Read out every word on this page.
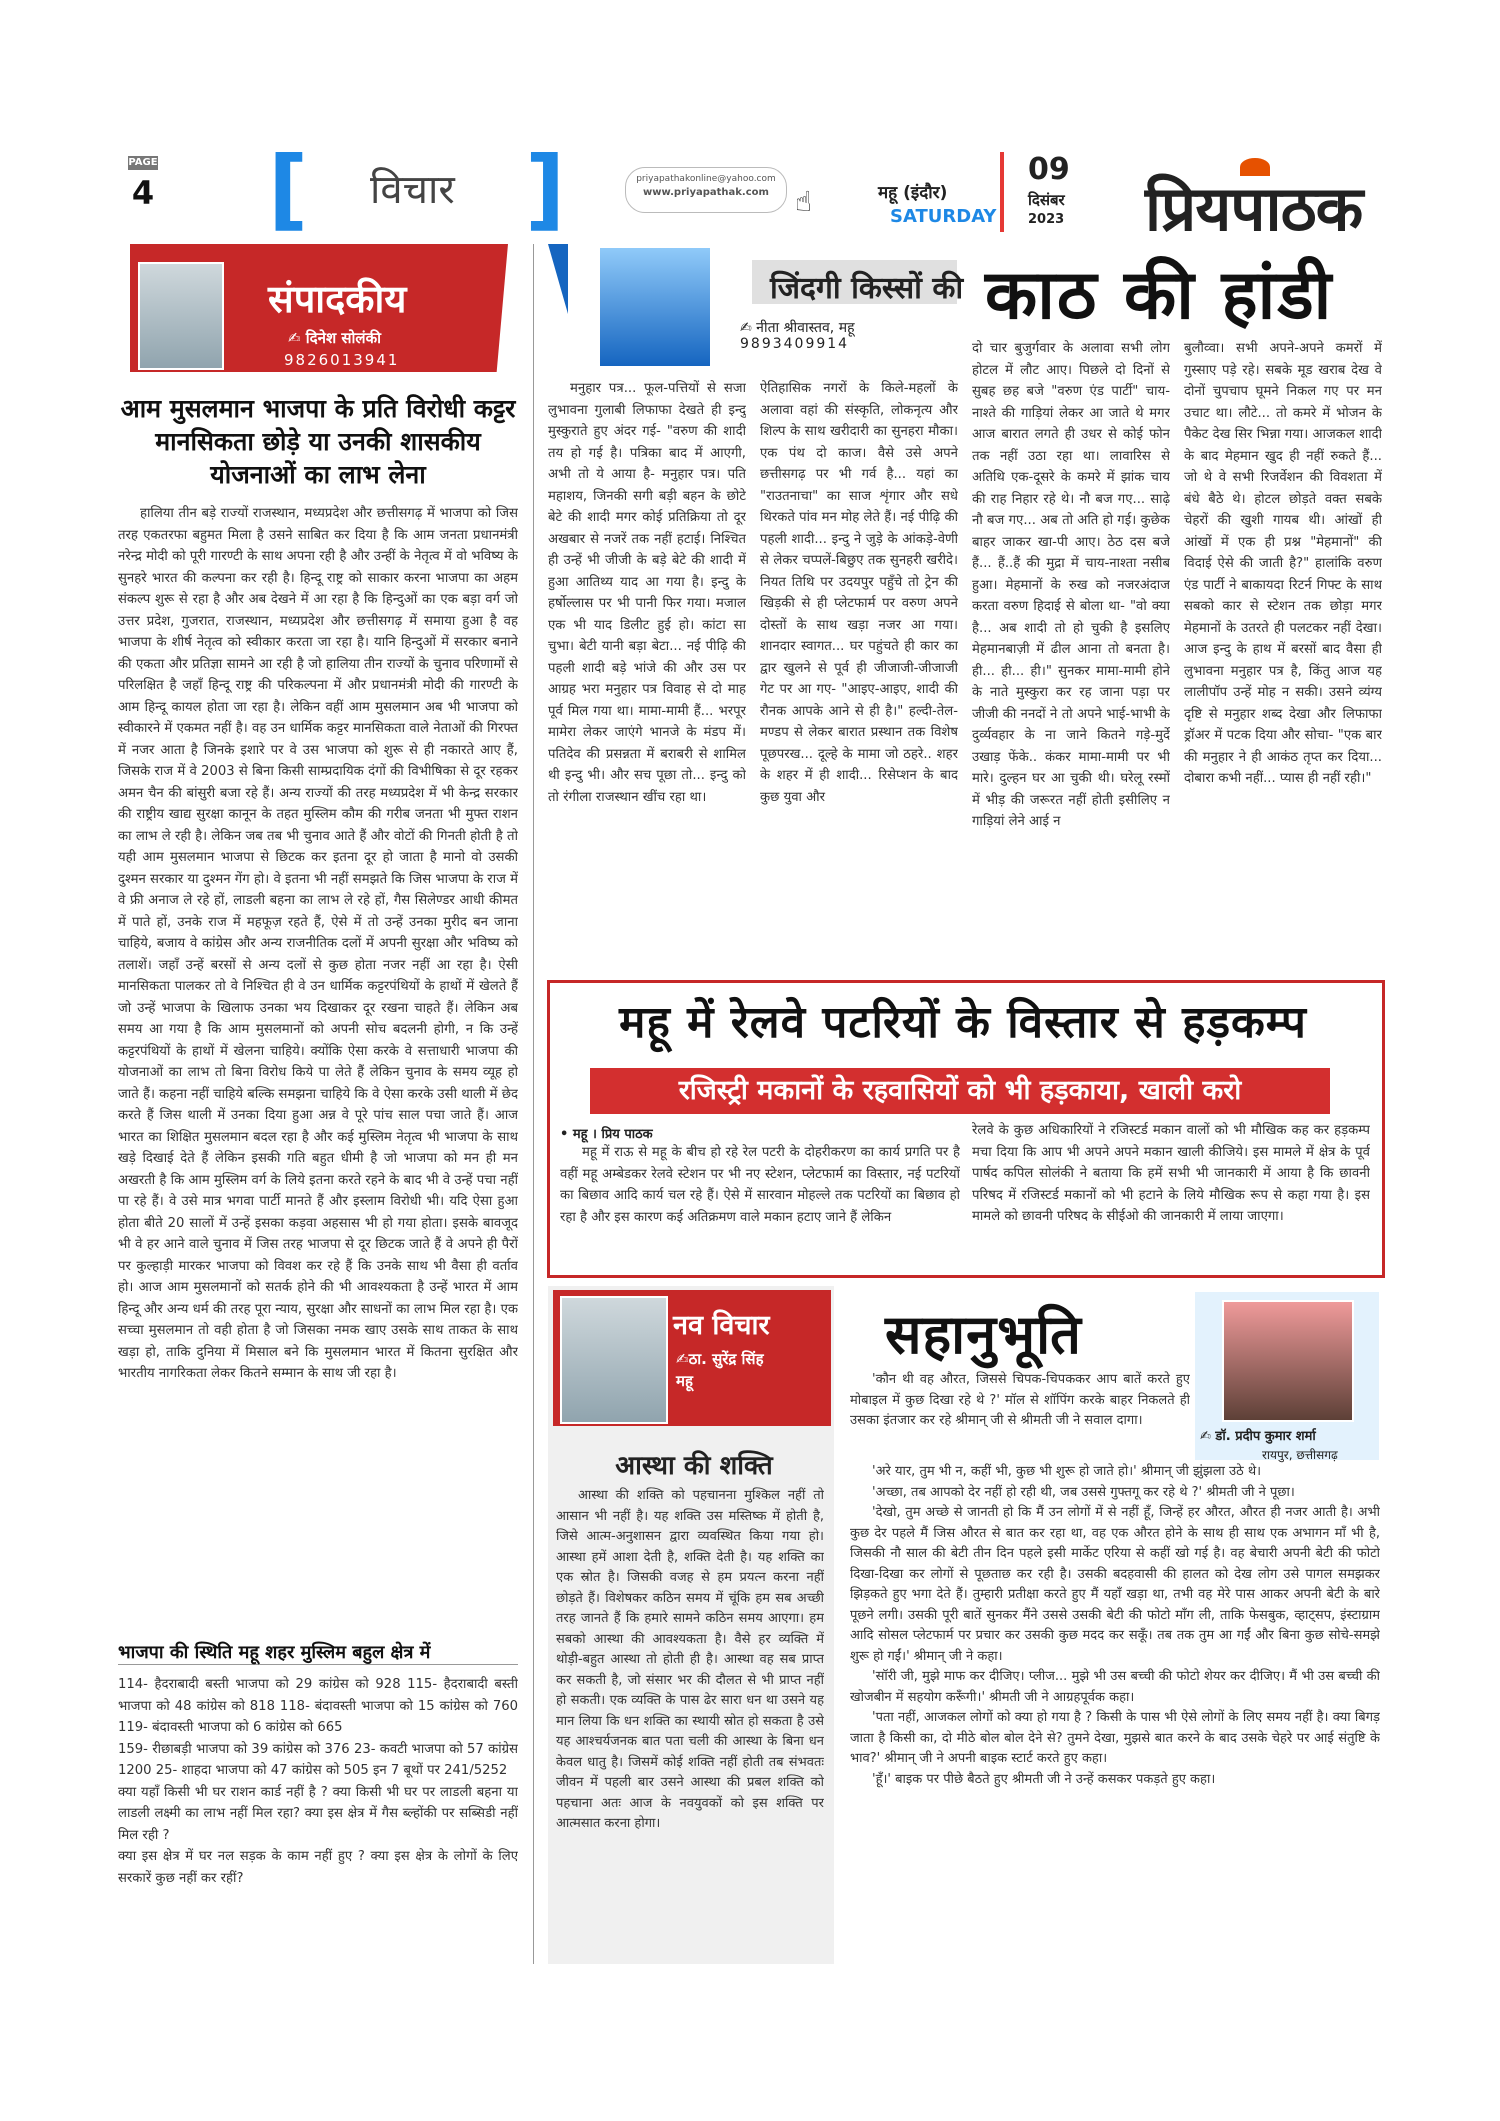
PAGE
4 [ विचार ]	priyapathakonline@yahoo.com
www.priyapathak.com ☝	महू (इंदौर)
SATURDAY
09
दिसंबर
2023 प्रियपाठक
संपादकीय
✍ दिनेश सोलंकी
9826013941
आम मुसलमान भाजपा के प्रति विरोधी कट्टर मानसिकता छोड़े या उनकी शासकीय योजनाओं का लाभ लेना

हालिया तीन बड़े राज्यों राजस्थान, मध्यप्रदेश और छत्तीसगढ़ में भाजपा को जिस तरह एकतरफा बहुमत मिला है उसने साबित कर दिया है कि आम जनता प्रधानमंत्री नरेन्द्र मोदी को पूरी गारण्टी के साथ अपना रही है और उन्हीं के नेतृत्व में वो भविष्य के सुनहरे भारत की कल्पना कर रही है। हिन्दू राष्ट्र को साकार करना भाजपा का अहम संकल्प शुरू से रहा है और अब देखने में आ रहा है कि हिन्दुओं का एक बड़ा वर्ग जो उत्तर प्रदेश, गुजरात, राजस्थान, मध्यप्रदेश और छत्तीसगढ़ में समाया हुआ है वह भाजपा के शीर्ष नेतृत्व को स्वीकार करता जा रहा है। यानि हिन्दुओं में सरकार बनाने की एकता और प्रतिज्ञा सामने आ रही है जो हालिया तीन राज्यों के चुनाव परिणामों से परिलक्षित है जहाँ हिन्दू राष्ट्र की परिकल्पना में और प्रधानमंत्री मोदी की गारण्टी के आम हिन्दू कायल होता जा रहा है। लेकिन वहीं आम मुसलमान अब भी भाजपा को स्वीकारने में एकमत नहीं है। वह उन धार्मिक कट्टर मानसिकता वाले नेताओं की गिरफ्त में नजर आता है जिनके इशारे पर वे उस भाजपा को शुरू से ही नकारते आए हैं, जिसके राज में वे 2003 से बिना किसी साम्प्रदायिक दंगों की विभीषिका से दूर रहकर अमन चैन की बांसुरी बजा रहे हैं। अन्य राज्यों की तरह मध्यप्रदेश में भी केन्द्र सरकार की राष्ट्रीय खाद्य सुरक्षा कानून के तहत मुस्लिम कौम की गरीब जनता भी मुफ्त राशन का लाभ ले रही है। लेकिन जब तब भी चुनाव आते हैं और वोटों की गिनती होती है तो यही आम मुसलमान भाजपा से छिटक कर इतना दूर हो जाता है मानो वो उसकी दुश्मन सरकार या दुश्मन गेंग हो। वे इतना भी नहीं समझते कि जिस भाजपा के राज में वे फ्री अनाज ले रहे हों, लाडली बहना का लाभ ले रहे हों, गैस सिलेण्डर आधी कीमत में पाते हों, उनके राज में महफूज़ रहते हैं, ऐसे में तो उन्हें उनका मुरीद बन जाना चाहिये, बजाय वे कांग्रेस और अन्य राजनीतिक दलों में अपनी सुरक्षा और भविष्य को तलाशें। जहाँ उन्हें बरसों से अन्य दलों से कुछ होता नजर नहीं आ रहा है। ऐसी मानसिकता पालकर तो वे निश्चित ही वे उन धार्मिक कट्टरपंथियों के हाथों में खेलते हैं जो उन्हें भाजपा के खिलाफ उनका भय दिखाकर दूर रखना चाहते हैं। लेकिन अब समय आ गया है कि आम मुसलमानों को अपनी सोच बदलनी होगी, न कि उन्हें कट्टरपंथियों के हाथों में खेलना चाहिये। क्योंकि ऐसा करके वे सत्ताधारी भाजपा की योजनाओं का लाभ तो बिना विरोध किये पा लेते हैं लेकिन चुनाव के समय व्यूह हो जाते हैं। कहना नहीं चाहिये बल्कि समझना चाहिये कि वे ऐसा करके उसी थाली में छेद करते हैं जिस थाली में उनका दिया हुआ अन्न वे पूरे पांच साल पचा जाते हैं। आज भारत का शिक्षित मुसलमान बदल रहा है और कई मुस्लिम नेतृत्व भी भाजपा के साथ खड़े दिखाई देते हैं लेकिन इसकी गति बहुत धीमी है जो भाजपा को मन ही मन अखरती है कि आम मुस्लिम वर्ग के लिये इतना करते रहने के बाद भी वे उन्हें पचा नहीं पा रहे हैं। वे उसे मात्र भगवा पार्टी मानते हैं और इस्लाम विरोधी भी। यदि ऐसा हुआ होता बीते 20 सालों में उन्हें इसका कड़वा अहसास भी हो गया होता। इसके बावजूद भी वे हर आने वाले चुनाव में जिस तरह भाजपा से दूर छिटक जाते हैं वे अपने ही पैरों पर कुल्हाड़ी मारकर भाजपा को विवश कर रहे हैं कि उनके साथ भी वैसा ही वर्ताव हो। आज आम मुसलमानों को सतर्क होने की भी आवश्यकता है उन्हें भारत में आम हिन्दू और अन्य धर्म की तरह पूरा न्याय, सुरक्षा और साधनों का लाभ मिल रहा है। एक सच्चा मुसलमान तो वही होता है जो जिसका नमक खाए उसके साथ ताकत के साथ खड़ा हो, ताकि दुनिया में मिसाल बने कि मुसलमान भारत में कितना सुरक्षित और भारतीय नागरिकता लेकर कितने सम्मान के साथ जी रहा है।

भाजपा की स्थिति महू शहर मुस्लिम बहुल क्षेत्र में

114- हैदराबादी बस्ती भाजपा को 29 कांग्रेस को 928 115- हैदराबादी बस्ती भाजपा को 48 कांग्रेस को 818 118- बंदावस्ती भाजपा को 15 कांग्रेस को 760 119- बंदावस्ती भाजपा को 6 कांग्रेस को 665

159- रीछाबड़ी भाजपा को 39 कांग्रेस को 376 23- कवटी भाजपा को 57 कांग्रेस 1200 25- शाहदा भाजपा को 47 कांग्रेस को 505 इन 7 बूथों पर 241/5252

क्या यहाँ किसी भी घर राशन कार्ड नहीं है ? क्या किसी भी घर पर लाडली बहना या लाडली लक्ष्मी का लाभ नहीं मिल रहा? क्या इस क्षेत्र में गैस ब्ल्होंकी पर सब्सिडी नहीं मिल रही ?

क्या इस क्षेत्र में घर नल सड़क के काम नहीं हुए ? क्या इस क्षेत्र के लोगों के लिए सरकारें कुछ नहीं कर रहीं?

जिंदगी किस्सों की
✍ नीता श्रीवास्तव, महू
9893409914
काठ की हांडी

मनुहार पत्र... फूल-पत्तियों से सजा लुभावना गुलाबी लिफाफा देखते ही इन्दु मुस्कुराते हुए अंदर गई- "वरुण की शादी तय हो गई है। पत्रिका बाद में आएगी, अभी तो ये आया है- मनुहार पत्र। पति महाशय, जिनकी सगी बड़ी बहन के छोटे बेटे की शादी मगर कोई प्रतिक्रिया तो दूर अखबार से नजरें तक नहीं हटाई। निश्चित ही उन्हें भी जीजी के बड़े बेटे की शादी में हुआ आतिथ्य याद आ गया है। इन्दु के हर्षोल्लास पर भी पानी फिर गया। मजाल एक भी याद डिलीट हुई हो। कांटा सा चुभा। बेटी यानी बड़ा बेटा... नई पीढ़ि की पहली शादी बड़े भांजे की और उस पर आग्रह भरा मनुहार पत्र विवाह से दो माह पूर्व मिल गया था। मामा-मामी हैं... भरपूर मामेरा लेकर जाएंगे भानजे के मंडप में। पतिदेव की प्रसन्नता में बराबरी से शामिल थी इन्दु भी। और सच पूछा तो... इन्दु को तो रंगीला राजस्थान खींच रहा था।

ऐतिहासिक नगरों के किले-महलों के अलावा वहां की संस्कृति, लोकनृत्य और शिल्प के साथ खरीदारी का सुनहरा मौका। एक पंथ दो काज। वैसे उसे अपने छत्तीसगढ़ पर भी गर्व है... यहां का "राउतनाचा" का साज शृंगार और सधे थिरकते पांव मन मोह लेते हैं। नई पीढ़ि की पहली शादी... इन्दु ने जुड़े के आंकड़े-वेणी से लेकर चप्पलें-बिछुए तक सुनहरी खरीदे। नियत तिथि पर उदयपुर पहुँचे तो ट्रेन की खिड़की से ही प्लेटफार्म पर वरुण अपने दोस्तों के साथ खड़ा नजर आ गया। शानदार स्वागत... घर पहुंचते ही कार का द्वार खुलने से पूर्व ही जीजाजी-जीजाजी गेट पर आ गए- "आइए-आइए, शादी की रौनक आपके आने से ही है।" हल्दी-तेल-मण्डप से लेकर बारात प्रस्थान तक विशेष पूछपरख... दूल्हे के मामा जो ठहरे.. शहर के शहर में ही शादी... रिसेप्शन के बाद कुछ युवा और

दो चार बुजुर्गवार के अलावा सभी लोग होटल में लौट आए। पिछले दो दिनों से सुबह छह बजे "वरुण एंड पार्टी" चाय-नाश्ते की गाड़ियां लेकर आ जाते थे मगर आज बारात लगते ही उधर से कोई फोन तक नहीं उठा रहा था। लावारिस से अतिथि एक-दूसरे के कमरे में झांक चाय की राह निहार रहे थे। नौ बज गए... साढ़े नौ बज गए... अब तो अति हो गई। कुछेक बाहर जाकर खा-पी आए। ठेठ दस बजे हैं... हैं..हैं की मुद्रा में चाय-नाश्ता नसीब हुआ। मेहमानों के रुख को नजरअंदाज करता वरुण हिदाई से बोला था- "वो क्या है... अब शादी तो हो चुकी है इसलिए मेहमानबाज़ी में ढील आना तो बनता है। ही... ही... ही।" सुनकर मामा-मामी होने के नाते मुस्कुरा कर रह जाना पड़ा पर जीजी की ननदों ने तो अपने भाई-भाभी के दुर्व्यवहार के ना जाने कितने गड़े-मुर्दे उखाड़ फेंके.. कंकर मामा-मामी पर भी मारे। दुल्हन घर आ चुकी थी। घरेलू रस्मों में भीड़ की जरूरत नहीं होती इसीलिए न गाड़ियां लेने आई न

बुलौव्वा। सभी अपने-अपने कमरों में गुस्साए पड़े रहे। सबके मूड खराब देख वे दोनों चुपचाप घूमने निकल गए पर मन उचाट था। लौटे... तो कमरे में भोजन के पैकेट देख सिर भिन्ना गया। आजकल शादी के बाद मेहमान खुद ही नहीं रुकते हैं... जो थे वे सभी रिजर्वेशन की विवशता में बंधे बैठे थे। होटल छोड़ते वक्त सबके चेहरों की खुशी गायब थी। आंखों ही आंखों में एक ही प्रश्न "मेहमानों" की विदाई ऐसे की जाती है?" हालांकि वरुण एंड पार्टी ने बाकायदा रिटर्न गिफ्ट के साथ सबको कार से स्टेशन तक छोड़ा मगर मेहमानों के उतरते ही पलटकर नहीं देखा। आज इन्दु के हाथ में बरसों बाद वैसा ही लुभावना मनुहार पत्र है, किंतु आज यह लालीपॉप उन्हें मोह न सकी। उसने व्यंग्य दृष्टि से मनुहार शब्द देखा और लिफाफा ड्रॉअर में पटक दिया और सोचा- "एक बार की मनुहार ने ही आकंठ तृप्त कर दिया... दोबारा कभी नहीं... प्यास ही नहीं रही।"

महू में रेलवे पटरियों के विस्तार से हड़कम्प
रजिस्ट्री मकानों के रहवासियों को भी हड़काया, खाली करो
• महू । प्रिय पाठक

महू में राऊ से महू के बीच हो रहे रेल पटरी के दोहरीकरण का कार्य प्रगति पर है वहीं महू अम्बेडकर रेलवे स्टेशन पर भी नए स्टेशन, प्लेटफार्म का विस्तार, नई पटरियों का बिछाव आदि कार्य चल रहे हैं। ऐसे में सारवान मोहल्ले तक पटरियों का बिछाव हो रहा है और इस कारण कई अतिक्रमण वाले मकान हटाए जाने हैं लेकिन

रेलवे के कुछ अधिकारियों ने रजिस्टर्ड मकान वालों को भी मौखिक कह कर हड़कम्प मचा दिया कि आप भी अपने अपने मकान खाली कीजिये। इस मामले में क्षेत्र के पूर्व पार्षद कपिल सोलंकी ने बताया कि हमें सभी भी जानकारी में आया है कि छावनी परिषद में रजिस्टर्ड मकानों को भी हटाने के लिये मौखिक रूप से कहा गया है। इस मामले को छावनी परिषद के सीईओ की जानकारी में लाया जाएगा।

नव विचार
✍ठा. सुरेंद्र सिंह
महू
आस्था की शक्ति

आस्था की शक्ति को पहचानना मुश्किल नहीं तो आसान भी नहीं है। यह शक्ति उस मस्तिष्क में होती है, जिसे आत्म-अनुशासन द्वारा व्यवस्थित किया गया हो। आस्था हमें आशा देती है, शक्ति देती है। यह शक्ति का एक स्रोत है। जिसकी वजह से हम प्रयत्न करना नहीं छोड़ते हैं। विशेषकर कठिन समय में चूंकि हम सब अच्छी तरह जानते हैं कि हमारे सामने कठिन समय आएगा। हम सबको आस्था की आवश्यकता है। वैसे हर व्यक्ति में थोड़ी-बहुत आस्था तो होती ही है। आस्था वह सब प्राप्त कर सकती है, जो संसार भर की दौलत से भी प्राप्त नहीं हो सकती। एक व्यक्ति के पास ढेर सारा धन था उसने यह मान लिया कि धन शक्ति का स्थायी स्रोत हो सकता है उसे यह आश्चर्यजनक बात पता चली की आस्था के बिना धन केवल धातु है। जिसमें कोई शक्ति नहीं होती तब संभवतः जीवन में पहली बार उसने आस्था की प्रबल शक्ति को पहचाना अतः आज के नवयुवकों को इस शक्ति पर आत्मसात करना होगा।

सहानुभूति
✍ डॉ. प्रदीप कुमार शर्मा
रायपुर, छत्तीसगढ़

'कौन थी वह औरत, जिससे चिपक-चिपककर आप बातें करते हुए मोबाइल में कुछ दिखा रहे थे ?' मॉल से शॉपिंग करके बाहर निकलते ही उसका इंतजार कर रहे श्रीमान् जी से श्रीमती जी ने सवाल दागा।

'अरे यार, तुम भी न, कहीं भी, कुछ भी शुरू हो जाते हो।' श्रीमान् जी झुंझला उठे थे।

'अच्छा, तब आपको देर नहीं हो रही थी, जब उससे गुफ्तगू कर रहे थे ?' श्रीमती जी ने पूछा।

'देखो, तुम अच्छे से जानती हो कि मैं उन लोगों में से नहीं हूँ, जिन्हें हर औरत, औरत ही नजर आती है। अभी कुछ देर पहले मैं जिस औरत से बात कर रहा था, वह एक औरत होने के साथ ही साथ एक अभागन माँ भी है, जिसकी नौ साल की बेटी तीन दिन पहले इसी मार्केट एरिया से कहीं खो गई है। वह बेचारी अपनी बेटी की फोटो दिखा-दिखा कर लोगों से पूछताछ कर रही है। उसकी बदहवासी की हालत को देख लोग उसे पागल समझकर झिड़कते हुए भगा देते हैं। तुम्हारी प्रतीक्षा करते हुए मैं यहाँ खड़ा था, तभी वह मेरे पास आकर अपनी बेटी के बारे पूछने लगी। उसकी पूरी बातें सुनकर मैंने उससे उसकी बेटी की फोटो माँग ली, ताकि फेसबुक, व्हाट्सप, इंस्टाग्राम आदि सोसल प्लेटफार्म पर प्रचार कर उसकी कुछ मदद कर सकूँ। तब तक तुम आ गईं और बिना कुछ सोचे-समझे शुरू हो गईं।' श्रीमान् जी ने कहा।

'सॉरी जी, मुझे माफ कर दीजिए। प्लीज... मुझे भी उस बच्ची की फोटो शेयर कर दीजिए। मैं भी उस बच्ची की खोजबीन में सहयोग करूँगी।' श्रीमती जी ने आग्रहपूर्वक कहा।

'पता नहीं, आजकल लोगों को क्या हो गया है ? किसी के पास भी ऐसे लोगों के लिए समय नहीं है। क्या बिगड़ जाता है किसी का, दो मीठे बोल बोल देने से? तुमने देखा, मुझसे बात करने के बाद उसके चेहरे पर आई संतुष्टि के भाव?' श्रीमान् जी ने अपनी बाइक स्टार्ट करते हुए कहा।

'हूँ।' बाइक पर पीछे बैठते हुए श्रीमती जी ने उन्हें कसकर पकड़ते हुए कहा।
